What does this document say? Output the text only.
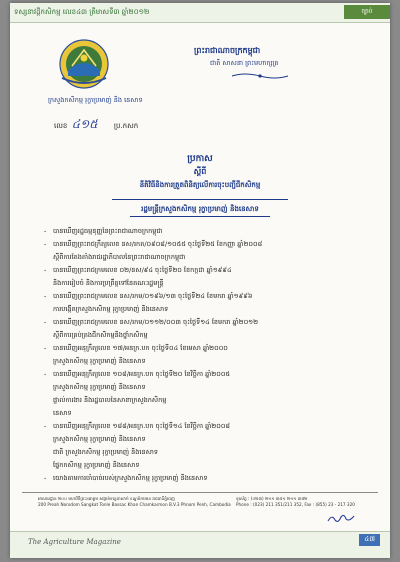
ទស្សនាវដ្ដីកសិកម្ម លេខ៤៣ ត្រីមាសទី៣ ឆ្នាំ២០១២	ច្បាប់
ព្រះរាជាណាចក្រកម្ពុជា
ជាតិ សាសនា ព្រះមហាក្សត្រ
ក្រសួងកសិកម្ម រុក្ខាប្រមាញ់ និង នេសាទ
លេខ ៤១៥ ប្រ.កសក
ប្រកាស
ស្ដីពី
នីតិវិធីនិងការត្រួតពិនិត្យលើការចុះបញ្ជីជីកសិកម្ម
រដ្ឋមន្ត្រីក្រសួងកសិកម្ម រុក្ខាប្រមាញ់ និងនេសាទ
- បានឃើញរដ្ឋធម្មនុញ្ញនៃព្រះរាជាណាចក្រកម្ពុជា
- បានឃើញព្រះរាជក្រឹត្យលេខ នស/រកត/០៩០៨/១០៥៥ ចុះថ្ងៃទី២៥ ខែកញ្ញា ឆ្នាំ២០០៨
ស្ដីពីការតែងតាំងរាជរដ្ឋាភិបាលនៃព្រះរាជាណាចក្រកម្ពុជា
- បានឃើញព្រះរាជក្រមលេខ ០២/នស/៩៤ ចុះថ្ងៃទី២០ ខែកក្កដា ឆ្នាំ១៩៩៤
និងការរៀបចំ និងការប្រព្រឹត្តទៅនៃគណៈរដ្ឋមន្ត្រី
- បានឃើញព្រះរាជក្រមលេខ នស/រកម/០១៩៦/១៣ ចុះថ្ងៃទី២៤ ខែមករា ឆ្នាំ១៩៩៦
ការបង្កើតក្រសួងកសិកម្ម រុក្ខាប្រមាញ់ និងនេសាទ
- បានឃើញព្រះរាជក្រមលេខ នស/រកម/០១១២/០០៣ ចុះថ្ងៃទី១៤ ខែមករា ឆ្នាំ២០១២
ស្ដីពីការគ្រប់គ្រងជីកសិកម្មនិងថ្នាំកសិកម្ម
- បានឃើញអនុក្រឹត្យលេខ ១៧/អនក្រ.បក ចុះថ្ងៃទី០៤ ខែមេសា ឆ្នាំ២០០០
ក្រសួងកសិកម្ម រុក្ខាប្រមាញ់ និងនេសាទ
- បានឃើញអនុក្រឹត្យលេខ ១០៨/អនក្រ.បក ចុះថ្ងៃទី២០ ខែវិច្ឆិកា ឆ្នាំ២០០៥
ក្រសួងកសិកម្ម រុក្ខាប្រមាញ់ និងនេសាទ
ផ្ទាល់ការងារ និងរដ្ឋបាលនៃសាខាក្រសួងកសិកម្ម
នេសាទ
- បានឃើញអនុក្រឹត្យលេខ ១៨៨/អនក្រ.បក ចុះថ្ងៃទី១៤ ខែវិច្ឆិកា ឆ្នាំ២០០៨
ក្រសួងកសិកម្ម រុក្ខាប្រមាញ់ និងនេសាទ
ជាតិ ក្រសួងកសិកម្ម រុក្ខាប្រមាញ់ និងនេសាទ
ផ្នែកកសិកម្ម រុក្ខាប្រមាញ់ និងនេសាទ
- យោងតាមការចាំបាច់របស់ក្រសួងកសិកម្ម រុក្ខាប្រមាញ់ និងនេសាទ
អាសយដ្ឋាន ២០០ មហាវិថីព្រះនរោត្ដម សង្កាត់ទន្លេបាសាក់ ខណ្ឌចំការមន រាជធានីភ្នំពេញ
200 Preah Norodom Sangkat Tonle Bassac Khan Chamkarmon B.V.3 Phnom Penh, Cambodia
ទូរស័ព្ទ : (០២៣) ២១១ ៣៥១ ២១១ ៣៥២
Phone : (023) 211 351/211 352, Fax : (855) 23 - 217 320
The Agriculture Magazine	៤៧
